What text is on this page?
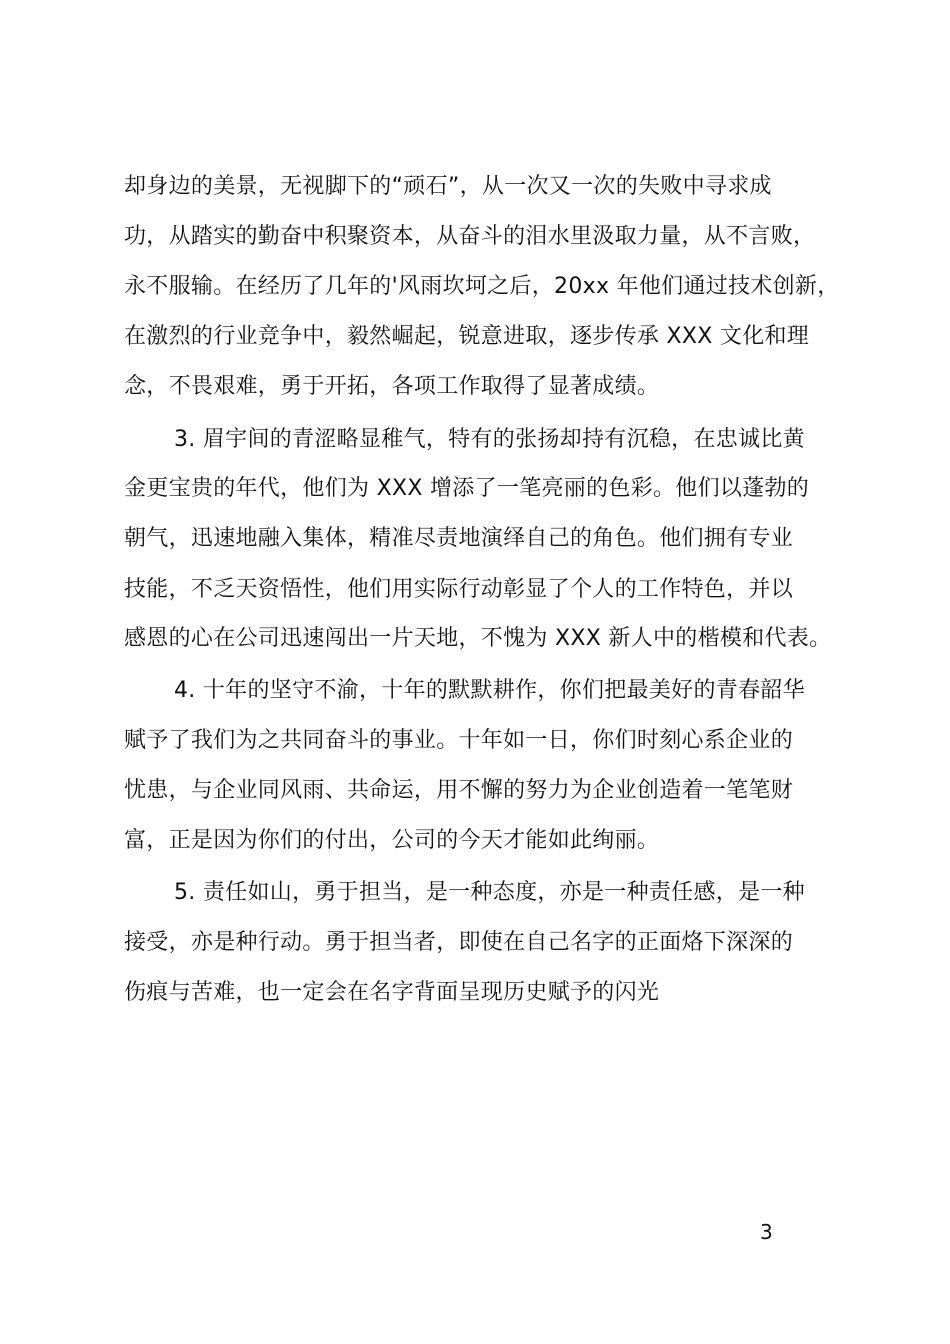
却身边的美景，无视脚下的“顽石”，从一次又一次的失败中寻求成
功，从踏实的勤奋中积聚资本，从奋斗的泪水里汲取力量，从不言败，
永不服输。在经历了几年的'风雨坎坷之后，20xx 年他们通过技术创新，
在激烈的行业竞争中，毅然崛起，锐意进取，逐步传承 XXX 文化和理
念，不畏艰难，勇于开拓，各项工作取得了显著成绩。
3. 眉宇间的青涩略显稚气，特有的张扬却持有沉稳，在忠诚比黄
金更宝贵的年代，他们为 XXX 增添了一笔亮丽的色彩。他们以蓬勃的
朝气，迅速地融入集体，精准尽责地演绎自己的角色。他们拥有专业
技能，不乏天资悟性，他们用实际行动彰显了个人的工作特色，并以
感恩的心在公司迅速闯出一片天地，不愧为 XXX 新人中的楷模和代表。
4. 十年的坚守不渝，十年的默默耕作，你们把最美好的青春韶华
赋予了我们为之共同奋斗的事业。十年如一日，你们时刻心系企业的
忧患，与企业同风雨、共命运，用不懈的努力为企业创造着一笔笔财
富，正是因为你们的付出，公司的今天才能如此绚丽。
5. 责任如山，勇于担当，是一种态度，亦是一种责任感，是一种
接受，亦是种行动。勇于担当者，即使在自己名字的正面烙下深深的
伤痕与苦难，也一定会在名字背面呈现历史赋予的闪光
3
